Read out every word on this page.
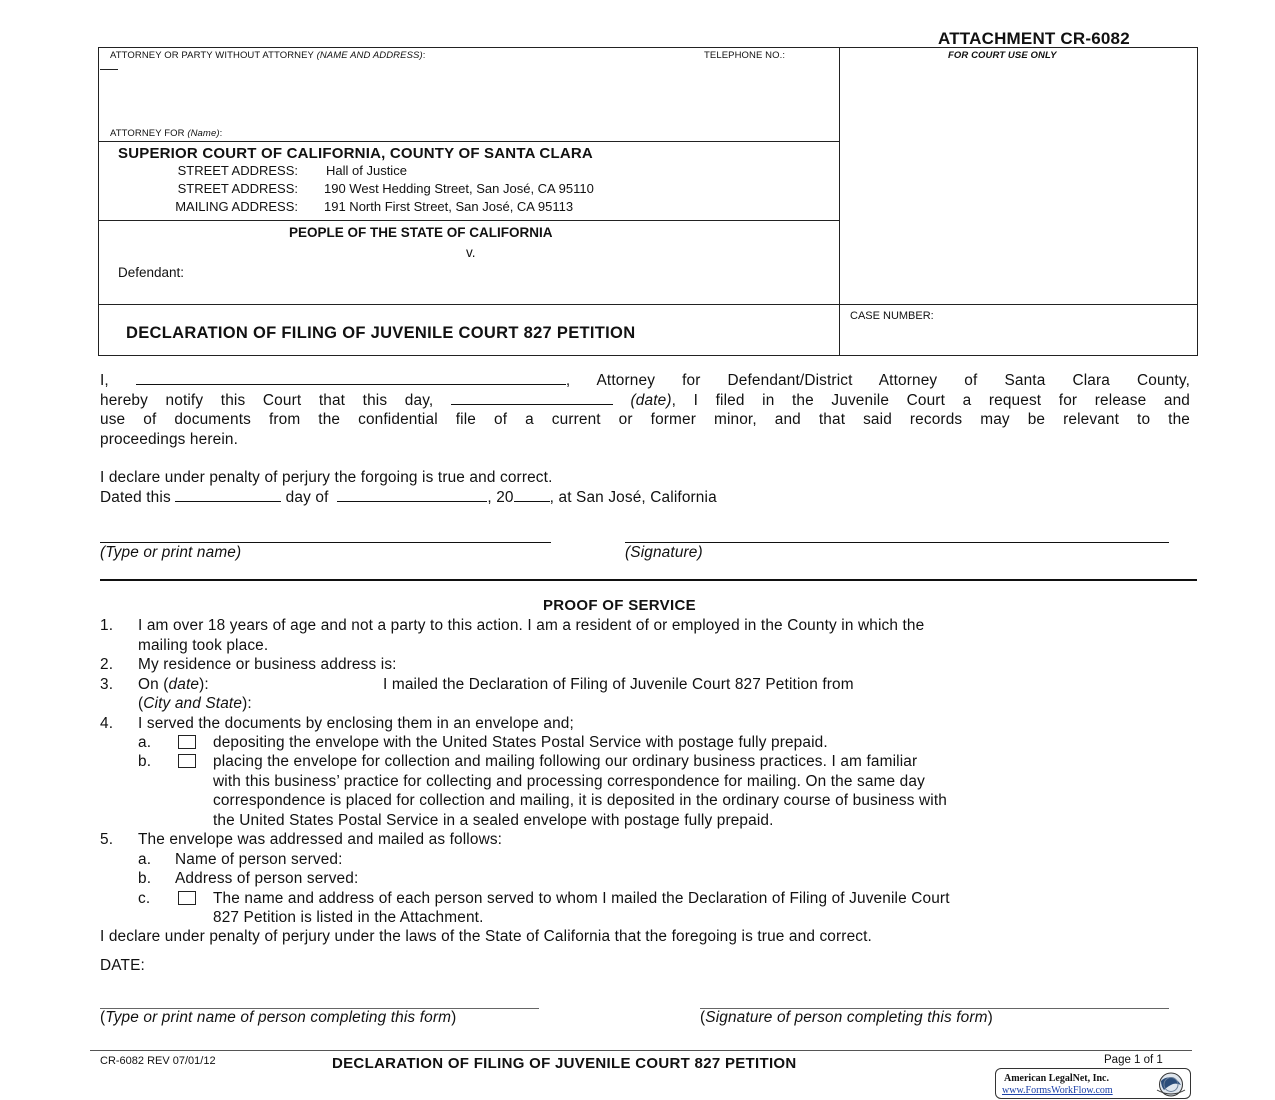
ATTACHMENT CR-6082
ATTORNEY OR PARTY WITHOUT ATTORNEY (NAME AND ADDRESS):	TELEPHONE NO.:	FOR COURT USE ONLY
ATTORNEY FOR (Name):
SUPERIOR COURT OF CALIFORNIA, COUNTY OF SANTA CLARA
STREET ADDRESS: Hall of Justice
STREET ADDRESS: 190 West Hedding Street, San José, CA 95110
MAILING ADDRESS: 191 North First Street, San José, CA 95113
PEOPLE OF THE STATE OF CALIFORNIA
v.
Defendant:
DECLARATION OF FILING OF JUVENILE COURT 827 PETITION
CASE NUMBER:
I,	, Attorney for Defendant/District Attorney of Santa Clara County,
hereby notify this Court that this day,	(date), I filed in the Juvenile Court a request for release and
use of documents from the confidential file of a current or former minor, and that said records may be relevant to the
proceedings herein.
I declare under penalty of perjury the forgoing is true and correct.
Dated this	day of	, 20 , at San José, California
(Type or print name)	(Signature)
PROOF OF SERVICE
1. I am over 18 years of age and not a party to this action. I am a resident of or employed in the County in which the
mailing took place.
2. My residence or business address is:
3. On (date):	I mailed the Declaration of Filing of Juvenile Court 827 Petition from
(City and State):
4. I served the documents by enclosing them in an envelope and;
a.	depositing the envelope with the United States Postal Service with postage fully prepaid.
b.	placing the envelope for collection and mailing following our ordinary business practices. I am familiar
with this business’ practice for collecting and processing correspondence for mailing. On the same day
correspondence is placed for collection and mailing, it is deposited in the ordinary course of business with
the United States Postal Service in a sealed envelope with postage fully prepaid.
5. The envelope was addressed and mailed as follows:
a. Name of person served:
b. Address of person served:
c.	The name and address of each person served to whom I mailed the Declaration of Filing of Juvenile Court
827 Petition is listed in the Attachment.
I declare under penalty of perjury under the laws of the State of California that the foregoing is true and correct.
DATE:
(Type or print name of person completing this form)	(Signature of person completing this form)
CR-6082 REV 07/01/12	DECLARATION OF FILING OF JUVENILE COURT 827 PETITION	Page 1 of 1
American LegalNet, Inc.
www.FormsWorkFlow.com
